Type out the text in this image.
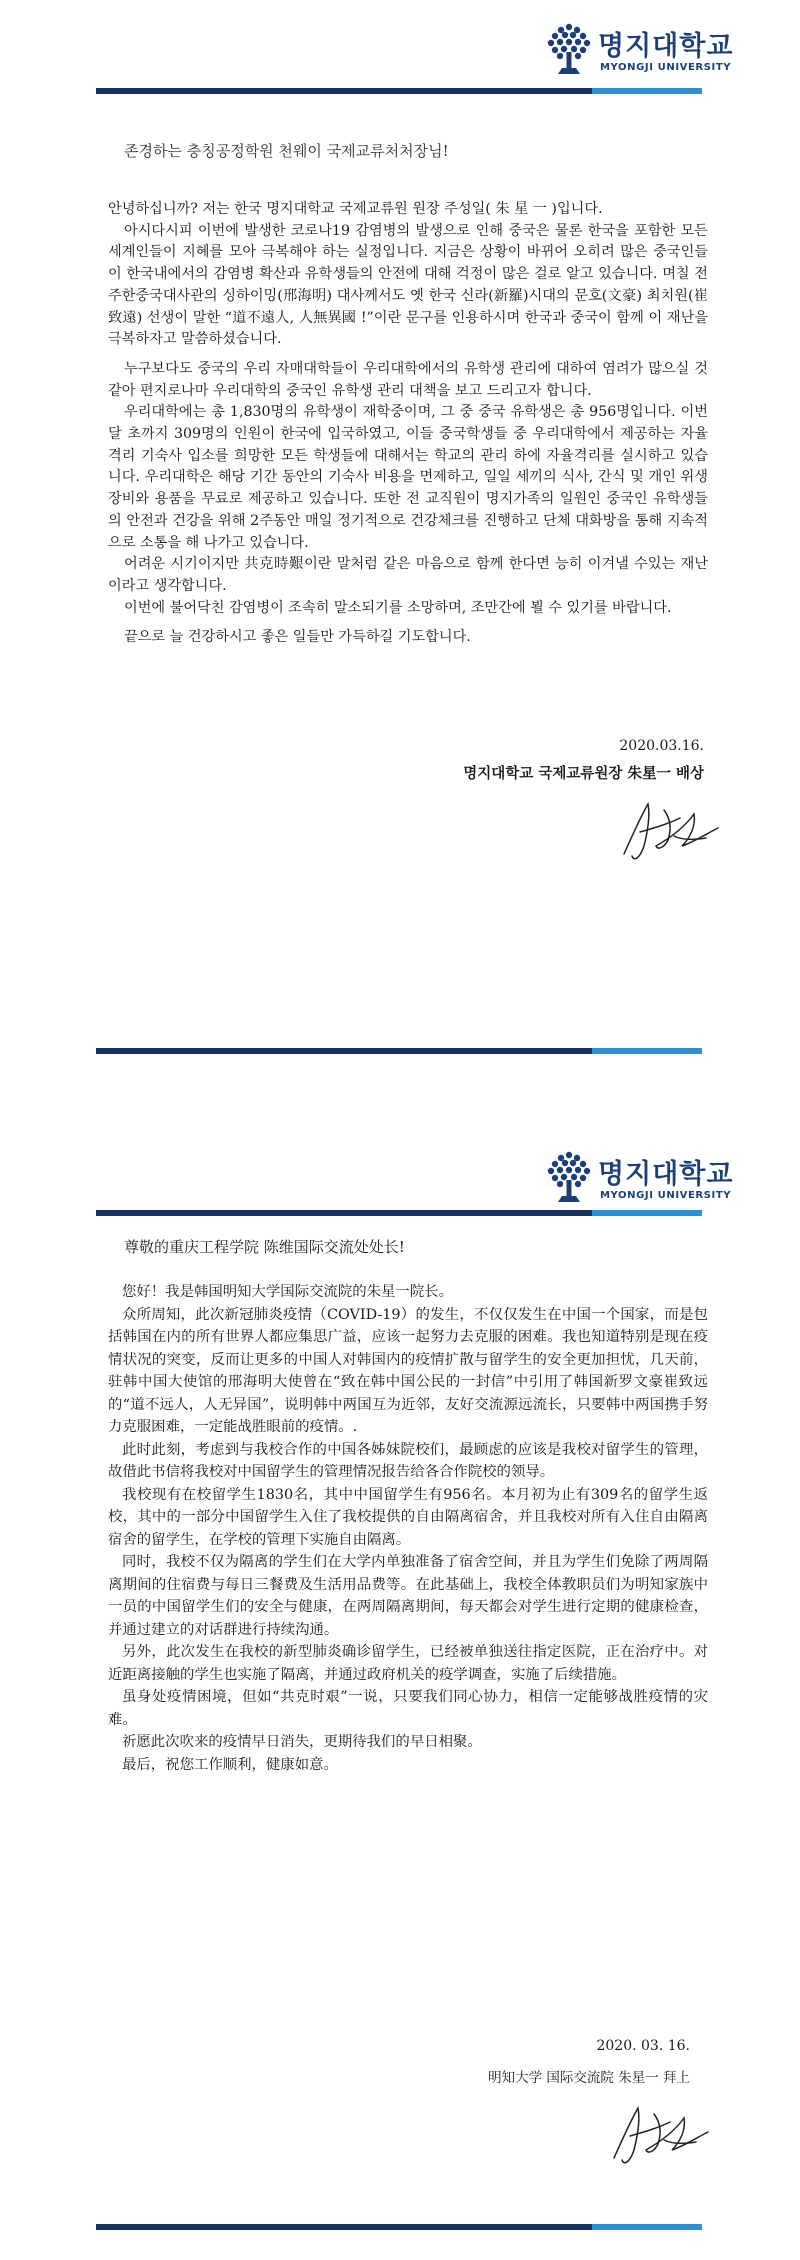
명지대학교
MYONGJI UNIVERSITY
존경하는 충칭공정학원 천웨이 국제교류처처장님!

안녕하십니까? 저는 한국 명지대학교 국제교류원 원장 주성일( 朱 星 一 )입니다.

아시다시피 이번에 발생한 코로나19 감염병의 발생으로 인해 중국은 물론 한국을 포함한 모든 세계인들이 지혜를 모아 극복해야 하는 실정입니다. 지금은 상황이 바뀌어 오히려 많은 중국인들이 한국내에서의 감염병 확산과 유학생들의 안전에 대해 걱정이 많은 걸로 알고 있습니다. 며칠 전 주한중국대사관의 싱하이밍(邢海明) 대사께서도 옛 한국 신라(新羅)시대의 문호(文豪) 최치원(崔致遠) 선생이 말한 “道不遠人, 人無異國 !”이란 문구를 인용하시며 한국과 중국이 함께 이 재난을 극복하자고 말씀하셨습니다.

누구보다도 중국의 우리 자매대학들이 우리대학에서의 유학생 관리에 대하여 염려가 많으실 것 같아 편지로나마 우리대학의 중국인 유학생 관리 대책을 보고 드리고자 합니다.

우리대학에는 총 1,830명의 유학생이 재학중이며, 그 중 중국 유학생은 총 956명입니다. 이번달 초까지 309명의 인원이 한국에 입국하였고, 이들 중국학생들 중 우리대학에서 제공하는 자율격리 기숙사 입소를 희망한 모든 학생들에 대해서는 학교의 관리 하에 자율격리를 실시하고 있습니다. 우리대학은 해당 기간 동안의 기숙사 비용을 면제하고, 일일 세끼의 식사, 간식 및 개인 위생장비와 용품을 무료로 제공하고 있습니다. 또한 전 교직원이 명지가족의 일원인 중국인 유학생들의 안전과 건강을 위해 2주동안 매일 정기적으로 건강체크를 진행하고 단체 대화방을 통해 지속적으로 소통을 해 나가고 있습니다.

어려운 시기이지만 共克時艱이란 말처럼 같은 마음으로 함께 한다면 능히 이겨낼 수있는 재난이라고 생각합니다.

이번에 불어닥친 감염병이 조속히 말소되기를 소망하며, 조만간에 뵐 수 있기를 바랍니다.

끝으로 늘 건강하시고 좋은 일들만 가득하길 기도합니다.

2020.03.16.
명지대학교 국제교류원장 朱星一 배상
명지대학교
MYONGJI UNIVERSITY
尊敬的重庆工程学院 陈维国际交流处处长!

您好！我是韩国明知大学国际交流院的朱星一院长。

众所周知，此次新冠肺炎疫情（COVID-19）的发生，不仅仅发生在中国一个国家，而是包括韩国在内的所有世界人都应集思广益，应该一起努力去克服的困难。我也知道特别是现在疫情状况的突变，反而让更多的中国人对韩国内的疫情扩散与留学生的安全更加担忧，几天前，驻韩中国大使馆的邢海明大使曾在“致在韩中国公民的一封信”中引用了韩国新罗文豪崔致远的“道不远人，人无异国”，说明韩中两国互为近邻，友好交流源远流长，只要韩中两国携手努力克服困难，一定能战胜眼前的疫情。.

此时此刻，考虑到与我校合作的中国各姊妹院校们，最顾虑的应该是我校对留学生的管理，故借此书信将我校对中国留学生的管理情况报告给各合作院校的领导。

我校现有在校留学生1830名，其中中国留学生有956名。本月初为止有309名的留学生返校，其中的一部分中国留学生入住了我校提供的自由隔离宿舍，并且我校对所有入住自由隔离宿舍的留学生，在学校的管理下实施自由隔离。

同时，我校不仅为隔离的学生们在大学内单独准备了宿舍空间，并且为学生们免除了两周隔离期间的住宿费与每日三餐费及生活用品费等。在此基础上，我校全体教职员们为明知家族中一员的中国留学生们的安全与健康，在两周隔离期间，每天都会对学生进行定期的健康检查，并通过建立的对话群进行持续沟通。

另外，此次发生在我校的新型肺炎确诊留学生，已经被单独送往指定医院，正在治疗中。对近距离接触的学生也实施了隔离，并通过政府机关的疫学调查，实施了后续措施。

虽身处疫情困境，但如“共克时艰”一说，只要我们同心协力，相信一定能够战胜疫情的灾难。

祈愿此次吹来的疫情早日消失，更期待我们的早日相聚。

最后，祝您工作顺利，健康如意。

2020. 03. 16.
明知大学 国际交流院 朱星一 拜上
